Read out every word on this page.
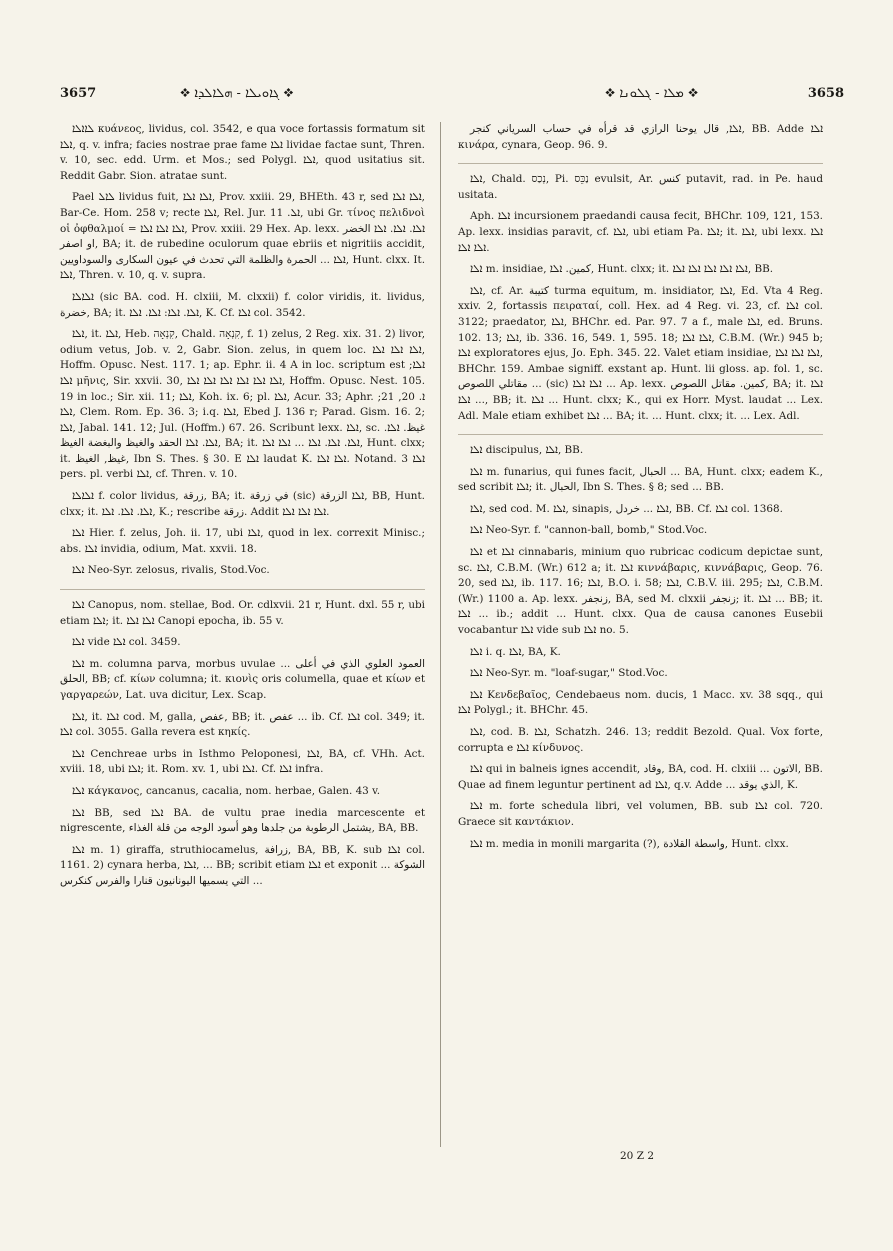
3657	❖ ܓܐܘܝܠܐ - ܗܠܐܠܕܐ ❖	❖ ܡܠܐ - ܓܠܘܢܐ ❖	3658

ܠܐܐܠܐ κυάνεος, lividus, col. 3542, e qua voce fortassis formatum sit ܐܠܐ, q. v. infra; facies nostrae prae fame ܐܠܐ lividae factae sunt, Thren. v. 10, sec. edd. Urm. et Mos.; sed Polygl. ܐܠܐ, quod usitatius sit. Reddit Gabr. Sion. atratae sunt.

Pael ܠܐܠ lividus fuit, ܐܠܐ ܐܠܐ, Prov. xxiii. 29, BHEth. 43 r, sed ܐܠܐ ܐܠܐ, Bar-Ce. Hom. 258 v; recte ܐܠܐ, Rel. Jur. ܐܠ. 11, ubi Gr. τίνος πελιδνοὶ οἱ ὀφθαλμοί = ܐܠܐ ܐܠܐ ܐܠܐ, Prov. xxiii. 29 Hex. Ap. lexx. ܐܠܐ. ܐܠܐ. ܐܠܐ الخضر او اصفر, BA; it. de rubedine oculorum quae ebriis et nigritiis accidit, ܐܠܐ ... الحمرة والظلمة التي تحدث في عيون السكارى والسوداويين, Hunt. clxx. It. ܐܠܐ, Thren. v. 10, q. v. supra.

ܐܠܐܠܐ (sic BA. cod. H. clxiii, M. clxxii) f. color viridis, it. lividus, خضرة, BA; it. ܐܠܐ. ܐܠܐ: ܐܠܐ. ܐܠܐ, K. Cf. ܐܠܐ col. 3542.

ܐܠܐ, it. ܐܠܐ, Heb. קִנְאָה, Chald. קִנְאָה, f. 1) zelus, 2 Reg. xix. 31. 2) livor, odium vetus, Job. v. 2, Gabr. Sion. zelus, in quem loc. ܐܠܐ ܐܠܐ ܐܠܐ, Hoffm. Opusc. Nest. 117. 1; ap. Ephr. ii. 4 A in loc. scriptum est ܐܠܐ; ܐܠܐ μῆνις, Sir. xxvii. 30, ܐܠܐ ܐܠܐ ܐܠܐ ܐܠܐ ܐܠܐ ܐܠܐ, Hoffm. Opusc. Nest. 105. 19 in loc.; Sir. xii. 11; ܐܠܐ, Koh. ix. 6; pl. ܐܠܐ, Acur. 33; Aphr. ܐ. 20, 21; ܐܠܐ, Clem. Rom. Ep. 36. 3; i.q. ܐܠܐ, Ebed J. 136 r; Parad. Gism. 16. 2; ܐܠܐ, Jabal. 141. 12; Jul. (Hoffm.) 67. 26. Scribunt lexx. ܐܠܐ, sc. غيظ. ܐܠܐ. ܐܠܐ. ܐܠܐ الحقد والغيظ والبغضة الغيظ, BA; it. ܐܠܐ. ܐܠܐ. ܐܠܐ ... ܐܠܐ ܐܠܐ, Hunt. clxx; it. غيظ, الغيظ, Ibn S. Thes. § 30. E ܐܠܐ laudat K. ܐܠܐ ܐܠܐ. Notand. ܐܠܐ 3 pers. pl. verbi ܐܠܐ, cf. Thren. v. 10.

ܐܠܐܠܐ f. color lividus, زرقة, BA; it. في زرقة (sic) ܐܠܐ الزرقة, BB, Hunt. clxx; it. ܐܠܐ. ܐܠܐ. ܐܠܐ, K.; rescribe زرقة. Addit ܐܠܐ ܐܠܐ ܐܠܐ.

ܐܠܐ Hier. f. zelus, Joh. ii. 17, ubi ܐܠܐ, quod in lex. correxit Minisc.; abs. ܐܠܐ invidia, odium, Mat. xxvii. 18.

ܐܠܐ Neo-Syr. zelosus, rivalis, Stod.Voc.

ܐܠܐ Canopus, nom. stellae, Bod. Or. cdlxvii. 21 r, Hunt. dxl. 55 r, ubi etiam ܐܠܐ; it. ܐܠܐ ܐܠܐ Canopi epocha, ib. 55 v.

ܐܠܐ vide ܐܠܐ col. 3459.

ܐܠܐ m. columna parva, morbus uvulae ... العمود العلوي الذي في أعلى الحلق, BB; cf. κίων columna; it. κιονὶς oris columella, quae et κίων et γαργαρεών, Lat. uva dicitur, Lex. Scap.

ܐܠܐ, it. ܐܠܐ cod. M, galla, عفص, BB; it. عفص ... ib. Cf. ܐܠܐ col. 349; it. ܐܠܐ col. 3055. Galla revera est κηκίς.

ܐܠܐ Cenchreae urbs in Isthmo Peloponesi, ܐܠܐ, BA, cf. VHh. Act. xviii. 18, ubi ܐܠܐ; it. Rom. xv. 1, ubi ܐܠܐ. Cf. ܐܠܐ infra.

ܐܠܐ κάγκανος, cancanus, cacalia, nom. herbae, Galen. 43 v.

ܐܠܐ BB, sed ܐܠܐ BA. de vultu prae inedia marcescente et nigrescente, يشتمل الرطوبة من جلدها وهو أسود الوجه من قلة الغذاء, BA, BB.

ܐܠܐ m. 1) giraffa, struthiocamelus, زرافة, BA, BB, K. sub ܐܠܐ col. 1161. 2) cynara herba, ܐܠܐ, ... BB; scribit etiam ܐܠܐ et exponit ... الشوكة التي يسميها اليونانيون قنارا والفرس كنكرس ...

ܐܠܐ, قال يوحنا الرازي قد قرأه في حساب السرياني كنجر, BB. Adde ܐܠܐ κινάρα, cynara, Geop. 96. 9.

ܐܠܐ, Chald. נְכַס, Pi. נַכֵּס evulsit, Ar. كنس putavit, rad. in Pe. haud usitata.

Aph. ܐܠܐ incursionem praedandi causa fecit, BHChr. 109, 121, 153. Ap. lexx. insidias paravit, cf. ܐܠܐ, ubi etiam Pa. ܐܠܐ; it. ܐܠܐ, ubi lexx. ܐܠܐ ܐܠܐ ܐܠܐ.

ܐܠܐ m. insidiae, كمين. ܐܠܐ, Hunt. clxx; it. ܐܠܐ ܐܠܐ ܐܠܐ ܐܠܐ ܐܠܐ, BB.

ܐܠܐ, cf. Ar. كتيبة turma equitum, m. insidiator, ܐܠܐ, Ed. Vta 4 Reg. xxiv. 2, fortassis πειραταί, coll. Hex. ad 4 Reg. vi. 23, cf. ܐܠܐ col. 3122; praedator, ܐܠܐ, BHChr. ed. Par. 97. 7 a f., male ܐܠܐ, ed. Bruns. 102. 13; ܐܠܐ, ib. 336. 16, 549. 1, 595. 18; ܐܠܐ ܐܠܐ, C.B.M. (Wr.) 945 b; ܐܠܐ exploratores ejus, Jo. Eph. 345. 22. Valet etiam insidiae, ܐܠܐ ܐܠܐ ܐܠܐ, BHChr. 159. Ambae signiff. exstant ap. Hunt. lii gloss. ap. fol. 1, sc. مقاتلي اللصوص ... (sic) ܐܠܐ ܐܠܐ ... Ap. lexx. كمين. مقاتل اللصوص, BA; it. ܐܠܐ ... ܐܠܐ, BB; it. ܐܠܐ ... Hunt. clxx; K., qui ex Horr. Myst. laudat ... Lex. Adl. Male etiam exhibet ܐܠܐ ... BA; it. ... Hunt. clxx; it. ... Lex. Adl.

ܐܠܐ discipulus, ܐܠܐ, BB.

ܐܠܐ m. funarius, qui funes facit, الحبال ... BA, Hunt. clxx; eadem K., sed scribit ܐܠܐ; it. الحبال, Ibn S. Thes. § 8; sed ... BB.

ܐܠܐ, sed cod. M. ܐܠܐ, sinapis, ܐܠܐ ... خردل, BB. Cf. ܐܠܐ col. 1368.

ܐܠܐ Neo-Syr. f. "cannon-ball, bomb," Stod.Voc.

ܐܠܐ et ܐܠܐ cinnabaris, minium quo rubricac codicum depictae sunt, sc. ܐܠܐ, C.B.M. (Wr.) 612 a; it. ܐܠܐ κιννάβαρις, κιννάβαρις, Geop. 76. 20, sed ܐܠܐ, ib. 117. 16; ܐܠܐ, B.O. i. 58; ܐܠܐ, C.B.V. iii. 295; ܐܠܐ, C.B.M. (Wr.) 1100 a. Ap. lexx. زنجفر, BA, sed M. clxxii زنجفر; it. ܐܠܐ ... BB; it. ܐܠܐ ... ib.; addit ... Hunt. clxx. Qua de causa canones Eusebii vocabantur ܐܠܐ vide sub ܐܠܐ no. 5.

ܐܠܐ i. q. ܐܠܐ, BA, K.

ܐܠܐ Neo-Syr. m. "loaf-sugar," Stod.Voc.

ܐܠܐ Κενδεβαῖος, Cendebaeus nom. ducis, 1 Macc. xv. 38 sqq., qui ܐܠܐ Polygl.; it. BHChr. 45.

ܐܠܐ, cod. B. ܐܠܐ, Schatzh. 246. 13; reddit Bezold. Qual. Vox forte, corrupta e ܐܠܐ κίνδυνος.

ܐܠܐ qui in balneis ignes accendit, وقاد, BA, cod. H. clxiii ... الاتون, BB. Quae ad finem leguntur pertinent ad ܐܠܐ, q.v. Adde ... الذي يوقد, K.

ܐܠܐ m. forte schedula libri, vel volumen, BB. sub ܐܠܐ col. 720. Graece sit καντάκιον.

ܐܠܐ m. media in monili margarita (?), واسطة القلادة, Hunt. clxx.

20 Z 2
